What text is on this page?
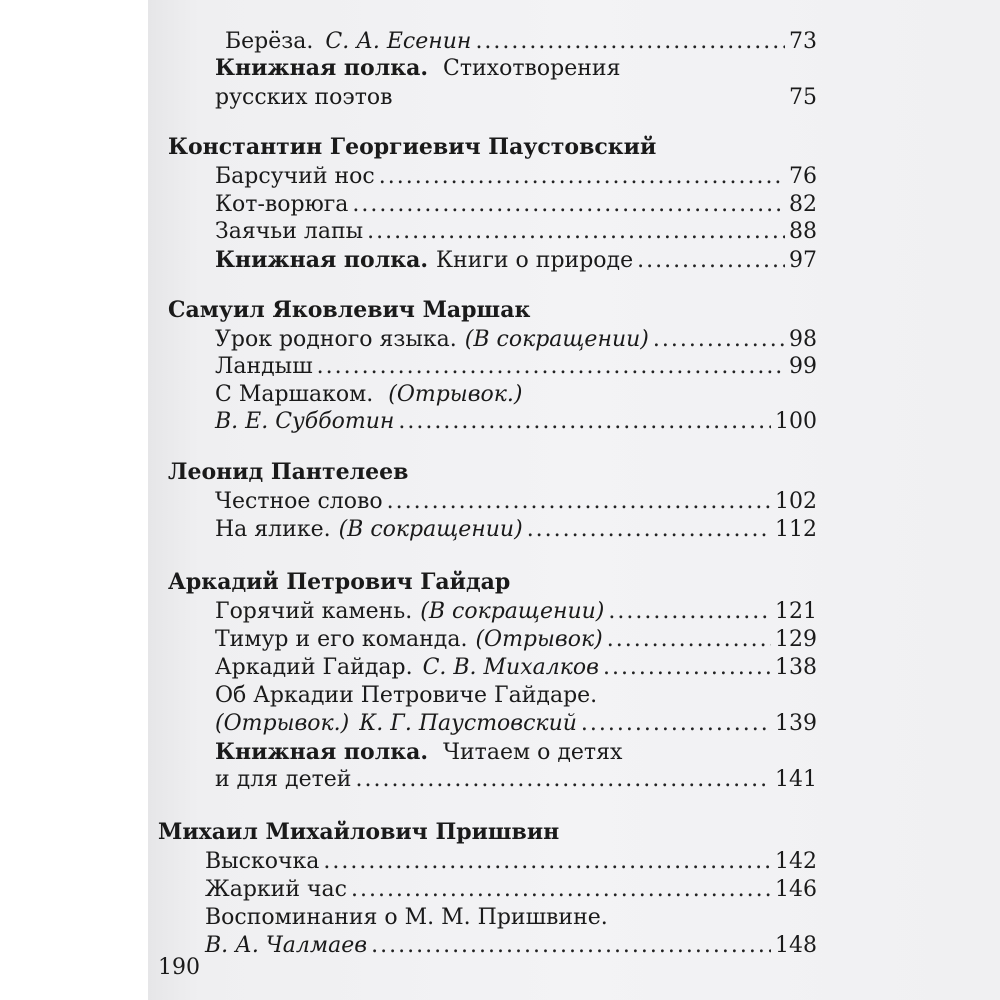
Берёза. С. А. Есенин .....	73
Книжная полка. Стихотворения
русских поэтов	75
Константин Георгиевич Паустовский
Барсучий нос .....	76
Кот-ворюга .....	82
Заячьи лапы .....	88
Книжная полка. Книги о природе .....	97
Самуил Яковлевич Маршак
Урок родного языка. (В сокращении) .....	98
Ландыш .....	99
С Маршаком. (Отрывок.)
В. Е. Субботин .....	100
Леонид Пантелеев
Честное слово .....	102
На ялике. (В сокращении) .....	112
Аркадий Петрович Гайдар
Горячий камень. (В сокращении) .....	121
Тимур и его команда. (Отрывок) .....	129
Аркадий Гайдар. С. В. Михалков .....	138
Об Аркадии Петровиче Гайдаре.
(Отрывок.) К. Г. Паустовский .....	139
Книжная полка. Читаем о детях
и для детей .....	141
Михаил Михайлович Пришвин
Выскочка .....	142
Жаркий час .....	146
Воспоминания о М. М. Пришвине.
В. А. Чалмаев .....	148
190
